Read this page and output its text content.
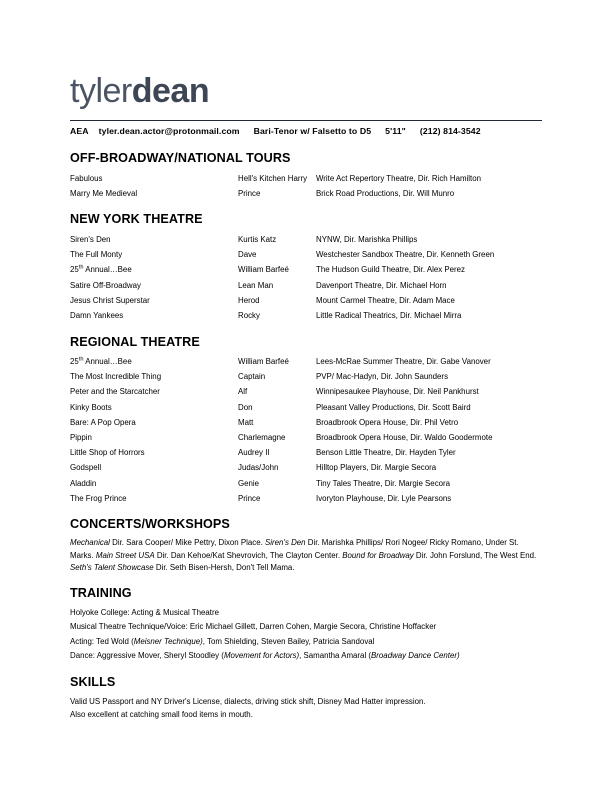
tylerdean
AEA tyler.dean.actor@protonmail.com Bari-Tenor w/ Falsetto to D5 5'11" (212) 814-3542
OFF-BROADWAY/NATIONAL TOURS
Fabulous	Hell's Kitchen Harry	Write Act Repertory Theatre, Dir. Rich Hamilton
Marry Me Medieval	Prince	Brick Road Productions, Dir. Will Munro
NEW YORK THEATRE
Siren's Den	Kurtis Katz	NYNW, Dir. Marishka Phillips
The Full Monty	Dave	Westchester Sandbox Theatre, Dir. Kenneth Green
25th Annual…Bee	William Barfeé	The Hudson Guild Theatre, Dir. Alex Perez
Satire Off-Broadway	Lean Man	Davenport Theatre, Dir. Michael Horn
Jesus Christ Superstar	Herod	Mount Carmel Theatre, Dir. Adam Mace
Damn Yankees	Rocky	Little Radical Theatrics, Dir. Michael Mirra
REGIONAL THEATRE
25th Annual…Bee	William Barfeé	Lees-McRae Summer Theatre, Dir. Gabe Vanover
The Most Incredible Thing	Captain	PVP/ Mac-Hadyn, Dir. John Saunders
Peter and the Starcatcher	Alf	Winnipesaukee Playhouse, Dir. Neil Pankhurst
Kinky Boots	Don	Pleasant Valley Productions, Dir. Scott Baird
Bare: A Pop Opera	Matt	Broadbrook Opera House, Dir. Phil Vetro
Pippin	Charlemagne	Broadbrook Opera House, Dir. Waldo Goodermote
Little Shop of Horrors	Audrey II	Benson Little Theatre, Dir. Hayden Tyler
Godspell	Judas/John	Hilltop Players, Dir. Margie Secora
Aladdin	Genie	Tiny Tales Theatre, Dir. Margie Secora
The Frog Prince	Prince	Ivoryton Playhouse, Dir. Lyle Pearsons
CONCERTS/WORKSHOPS

Mechanical Dir. Sara Cooper/ Mike Pettry, Dixon Place. Siren's Den Dir. Marishka Phillips/ Rori Nogee/ Ricky Romano, Under St. Marks. Main Street USA Dir. Dan Kehoe/Kat Shevrovich, The Clayton Center. Bound for Broadway Dir. John Forslund, The West End. Seth's Talent Showcase Dir. Seth Bisen-Hersh, Don't Tell Mama.

TRAINING
Holyoke College: Acting & Musical Theatre
Musical Theatre Technique/Voice: Eric Michael Gillett, Darren Cohen, Margie Secora, Christine Hoffacker
Acting: Ted Wold (Meisner Technique), Tom Shielding, Steven Bailey, Patricia Sandoval
Dance: Aggressive Mover, Sheryl Stoodley (Movement for Actors), Samantha Amaral (Broadway Dance Center)
SKILLS
Valid US Passport and NY Driver's License, dialects, driving stick shift, Disney Mad Hatter impression.
Also excellent at catching small food items in mouth.
